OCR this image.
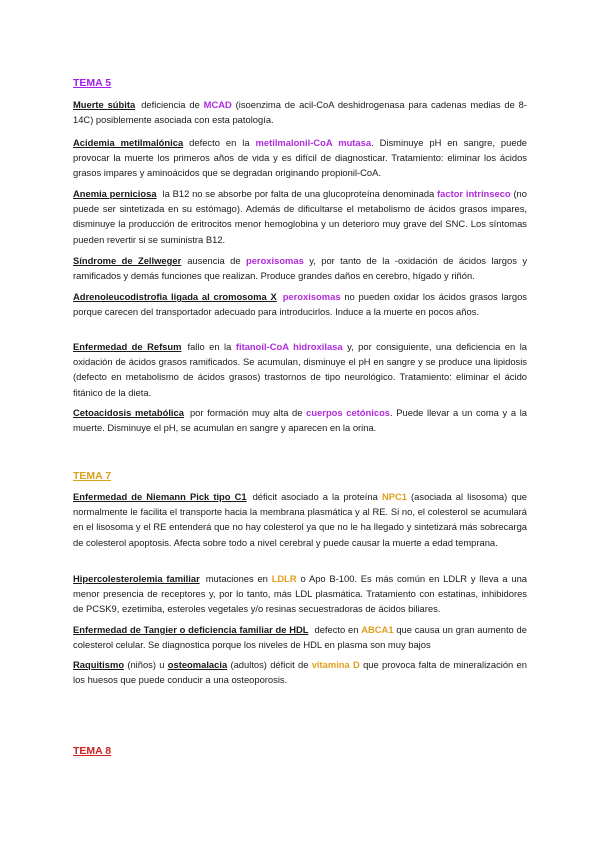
TEMA 5

Muerte súbita deficiencia de MCAD (isoenzima de acil-CoA deshidrogenasa para cadenas medias de 8-14C) posiblemente asociada con esta patología.

Acidemia metilmalónica defecto en la metilmalonil-CoA mutasa. Disminuye pH en sangre, puede provocar la muerte los primeros años de vida y es difícil de diagnosticar. Tratamiento: eliminar los ácidos grasos impares y aminoácidos que se degradan originando propionil-CoA.

Anemia perniciosa la B12 no se absorbe por falta de una glucoproteína denominada factor intrínseco (no puede ser sintetizada en su estómago). Además de dificultarse el metabolismo de ácidos grasos impares, disminuye la producción de eritrocitos menor hemoglobina y un deterioro muy grave del SNC. Los síntomas pueden revertir si se suministra B12.

Síndrome de Zellweger ausencia de peroxisomas y, por tanto de la -oxidación de ácidos largos y ramificados y demás funciones que realizan. Produce grandes daños en cerebro, hígado y riñón.

Adrenoleucodistrofia ligada al cromosoma X peroxisomas no pueden oxidar los ácidos grasos largos porque carecen del transportador adecuado para introducirlos. Induce a la muerte en pocos años.

Enfermedad de Refsum fallo en la fitanoil-CoA hidroxilasa y, por consiguiente, una deficiencia en la oxidación de ácidos grasos ramificados. Se acumulan, disminuye el pH en sangre y se produce una lipidosis (defecto en metabolismo de ácidos grasos) trastornos de tipo neurológico. Tratamiento: eliminar el ácido fitánico de la dieta.

Cetoacidosis metabólica por formación muy alta de cuerpos cetónicos. Puede llevar a un coma y a la muerte. Disminuye el pH, se acumulan en sangre y aparecen en la orina.

TEMA 7

Enfermedad de Niemann Pick tipo C1 déficit asociado a la proteína NPC1 (asociada al lisosoma) que normalmente le facilita el transporte hacia la membrana plasmática y al RE. Si no, el colesterol se acumulará en el lisosoma y el RE entenderá que no hay colesterol ya que no le ha llegado y sintetizará más sobrecarga de colesterol apoptosis. Afecta sobre todo a nivel cerebral y puede causar la muerte a edad temprana.

Hipercolesterolemia familiar mutaciones en LDLR o Apo B-100. Es más común en LDLR y lleva a una menor presencia de receptores y, por lo tanto, más LDL plasmática. Tratamiento con estatinas, inhibidores de PCSK9, ezetimiba, esteroles vegetales y/o resinas secuestradoras de ácidos biliares.

Enfermedad de Tangier o deficiencia familiar de HDL defecto en ABCA1 que causa un gran aumento de colesterol celular. Se diagnostica porque los niveles de HDL en plasma son muy bajos

Raquitismo (niños) u osteomalacia (adultos) déficit de vitamina D que provoca falta de mineralización en los huesos que puede conducir a una osteoporosis.

TEMA 8
